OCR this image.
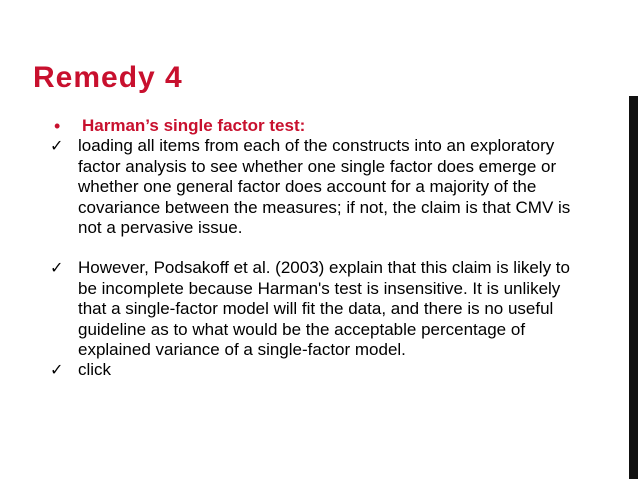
Remedy 4
•	Harman’s single factor test:
✓ loading all items from each of the constructs into an exploratory factor analysis to see whether one single factor does emerge or whether one general factor does account for a majority of the covariance between the measures; if not, the claim is that CMV is not a pervasive issue.
✓ However, Podsakoff et al. (2003) explain that this claim is likely to be incomplete because Harman's test is insensitive. It is unlikely that a single-factor model will fit the data, and there is no useful guideline as to what would be the acceptable percentage of explained variance of a single-factor model.
✓ click
